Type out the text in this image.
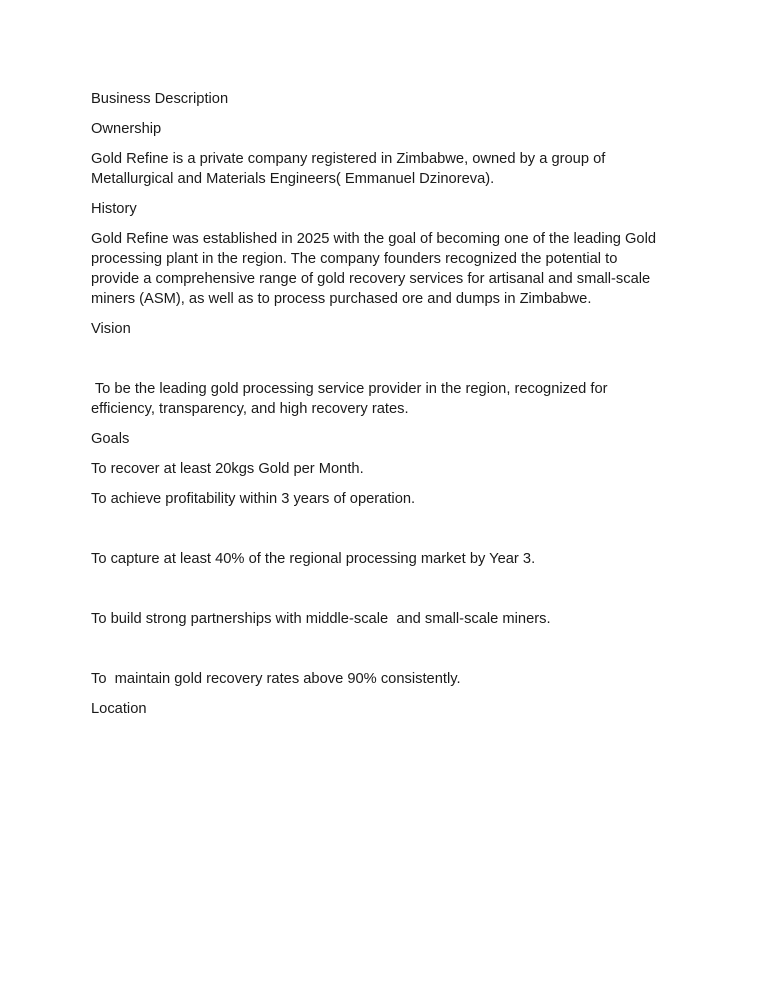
Business Description

Ownership

Gold Refine is a private company registered in Zimbabwe, owned by a group of
Metallurgical and Materials Engineers( Emmanuel Dzinoreva).

History

Gold Refine was established in 2025 with the goal of becoming one of the leading Gold
processing plant in the region. The company founders recognized the potential to
provide a comprehensive range of gold recovery services for artisanal and small-scale
miners (ASM), as well as to process purchased ore and dumps in Zimbabwe.

Vision

To be the leading gold processing service provider in the region, recognized for
efficiency, transparency, and high recovery rates.

Goals

To recover at least 20kgs Gold per Month.

To achieve profitability within 3 years of operation.

To capture at least 40% of the regional processing market by Year 3.

To build strong partnerships with middle-scale  and small-scale miners.

To  maintain gold recovery rates above 90% consistently.

Location
